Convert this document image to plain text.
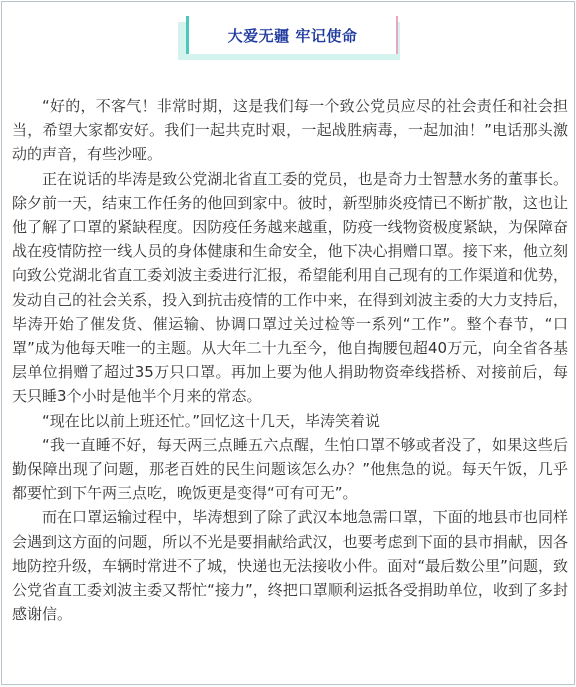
大爱无疆 牢记使命

“好的，不客气！非常时期，这是我们每一个致公党员应尽的社会责任和社会担当，希望大家都安好。我们一起共克时艰，一起战胜病毒，一起加油！”电话那头激动的声音，有些沙哑。

正在说话的毕涛是致公党湖北省直工委的党员，也是奇力士智慧水务的董事长。除夕前一天，结束工作任务的他回到家中。彼时，新型肺炎疫情已不断扩散，这也让他了解了口罩的紧缺程度。因防疫任务越来越重，防疫一线物资极度紧缺，为保障奋战在疫情防控一线人员的身体健康和生命安全，他下决心捐赠口罩。接下来，他立刻向致公党湖北省直工委刘波主委进行汇报，希望能利用自己现有的工作渠道和优势，发动自己的社会关系，投入到抗击疫情的工作中来，在得到刘波主委的大力支持后，毕涛开始了催发货、催运输、协调口罩过关过检等一系列“工作”。整个春节，“口罩”成为他每天唯一的主题。从大年二十九至今，他自掏腰包超40万元，向全省各基层单位捐赠了超过35万只口罩。再加上要为他人捐助物资牵线搭桥、对接前后，每天只睡3个小时是他半个月来的常态。

“现在比以前上班还忙。”回忆这十几天，毕涛笑着说

“我一直睡不好，每天两三点睡五六点醒，生怕口罩不够或者没了，如果这些后勤保障出现了问题，那老百姓的民生问题该怎么办？”他焦急的说。每天午饭，几乎都要忙到下午两三点吃，晚饭更是变得“可有可无”。

而在口罩运输过程中，毕涛想到了除了武汉本地急需口罩，下面的地县市也同样会遇到这方面的问题，所以不光是要捐献给武汉，也要考虑到下面的县市捐献，因各地防控升级，车辆时常进不了城，快递也无法接收小件。面对“最后数公里”问题，致公党省直工委刘波主委又帮忙“接力”，终把口罩顺利运抵各受捐助单位，收到了多封感谢信。
